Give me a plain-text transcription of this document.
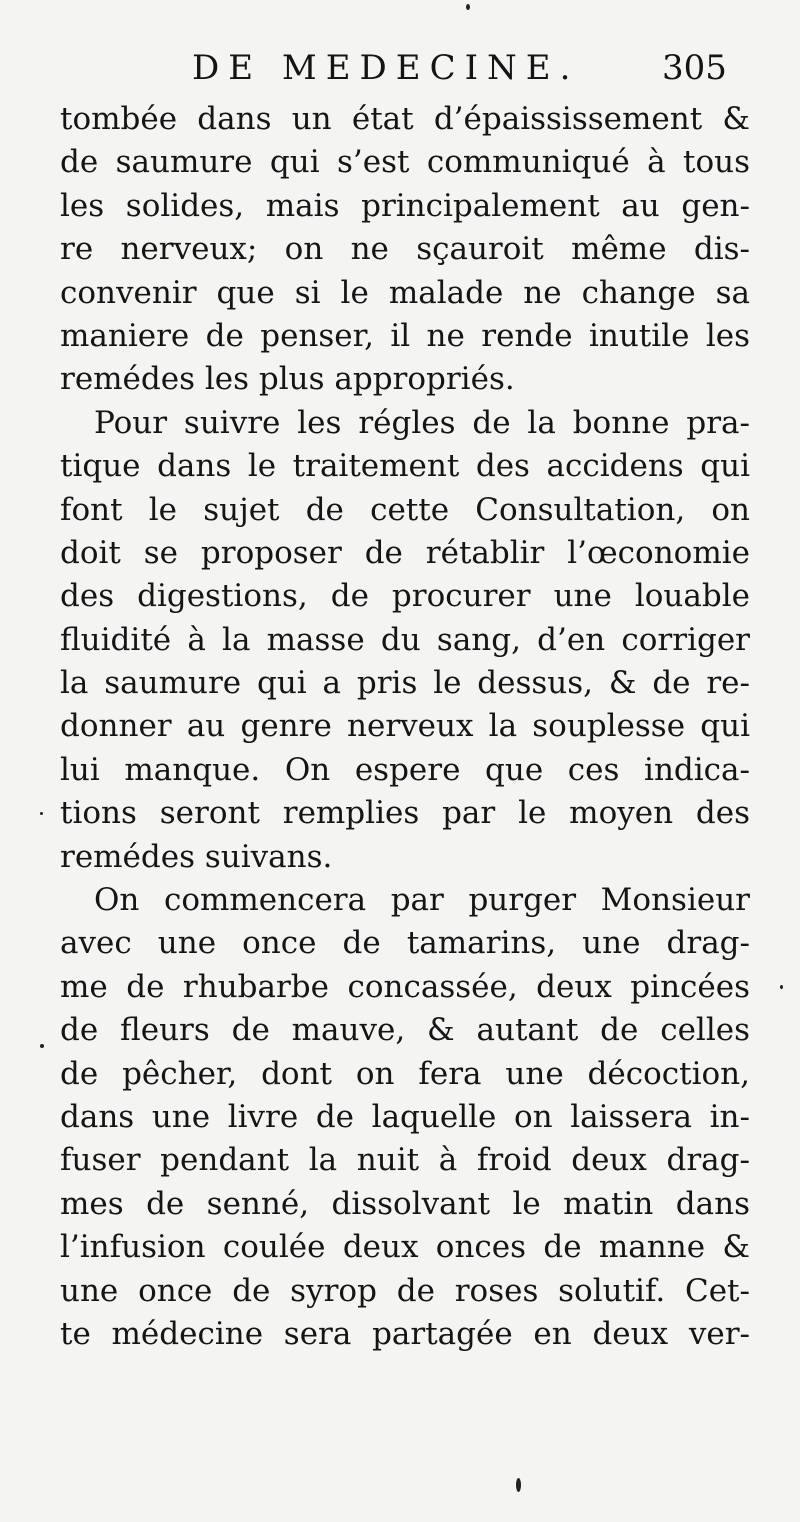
DE MEDECINE. 305
tombée dans un état d’épaississement &
de saumure qui s’est communiqué à tous
les solides, mais principalement au gen-
re nerveux; on ne sçauroit même dis-
convenir que si le malade ne change sa
maniere de penser, il ne rende inutile les
remédes les plus appropriés.
Pour suivre les régles de la bonne pra-
tique dans le traitement des accidens qui
font le sujet de cette Consultation, on
doit se proposer de rétablir l’œconomie
des digestions, de procurer une louable
fluidité à la masse du sang, d’en corriger
la saumure qui a pris le dessus, & de re-
donner au genre nerveux la souplesse qui
lui manque. On espere que ces indica-
tions seront remplies par le moyen des
remédes suivans.
On commencera par purger Monsieur
avec une once de tamarins, une drag-
me de rhubarbe concassée, deux pincées
de fleurs de mauve, & autant de celles
de pêcher, dont on fera une décoction,
dans une livre de laquelle on laissera in-
fuser pendant la nuit à froid deux drag-
mes de senné, dissolvant le matin dans
l’infusion coulée deux onces de manne &
une once de syrop de roses solutif. Cet-
te médecine sera partagée en deux ver-
